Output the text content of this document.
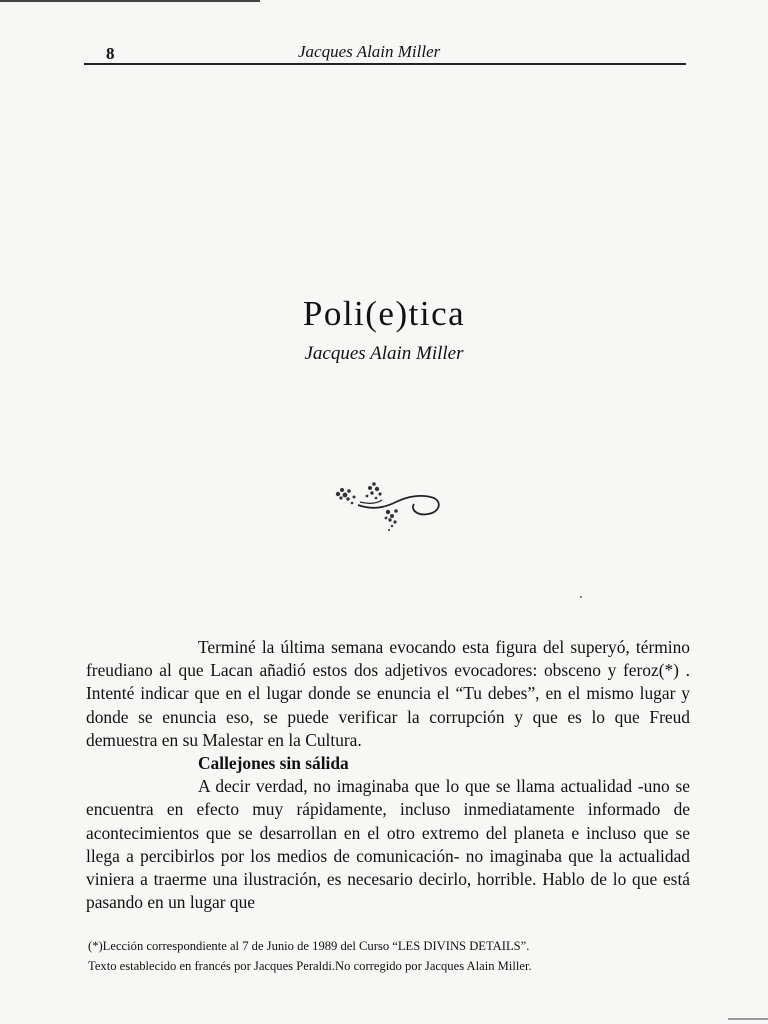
8	Jacques Alain Miller
Poli(e)tica
Jacques Alain Miller

Terminé la última semana evocando esta figura del superyó, término freudiano al que Lacan añadió estos dos adjetivos evocadores: obsceno y feroz(*) . Intenté indicar que en el lugar donde se enuncia el “Tu debes”, en el mismo lugar y donde se enuncia eso, se puede verificar la corrupción y que es lo que Freud demuestra en su Malestar en la Cultura.

Callejones sin sálida

A decir verdad, no imaginaba que lo que se llama actualidad -uno se encuentra en efecto muy rápidamente, incluso inmediatamente informado de acontecimientos que se desarrollan en el otro extremo del planeta e incluso que se llega a percibirlos por los medios de comunicación- no imaginaba que la actualidad viniera a traerme una ilustración, es necesario decirlo, horrible. Hablo de lo que está pasando en un lugar que

(*)Lección correspondiente al 7 de Junio de 1989 del Curso “LES DIVINS DETAILS”.

Texto establecido en francés por Jacques Peraldi.No corregido por Jacques Alain Miller.
